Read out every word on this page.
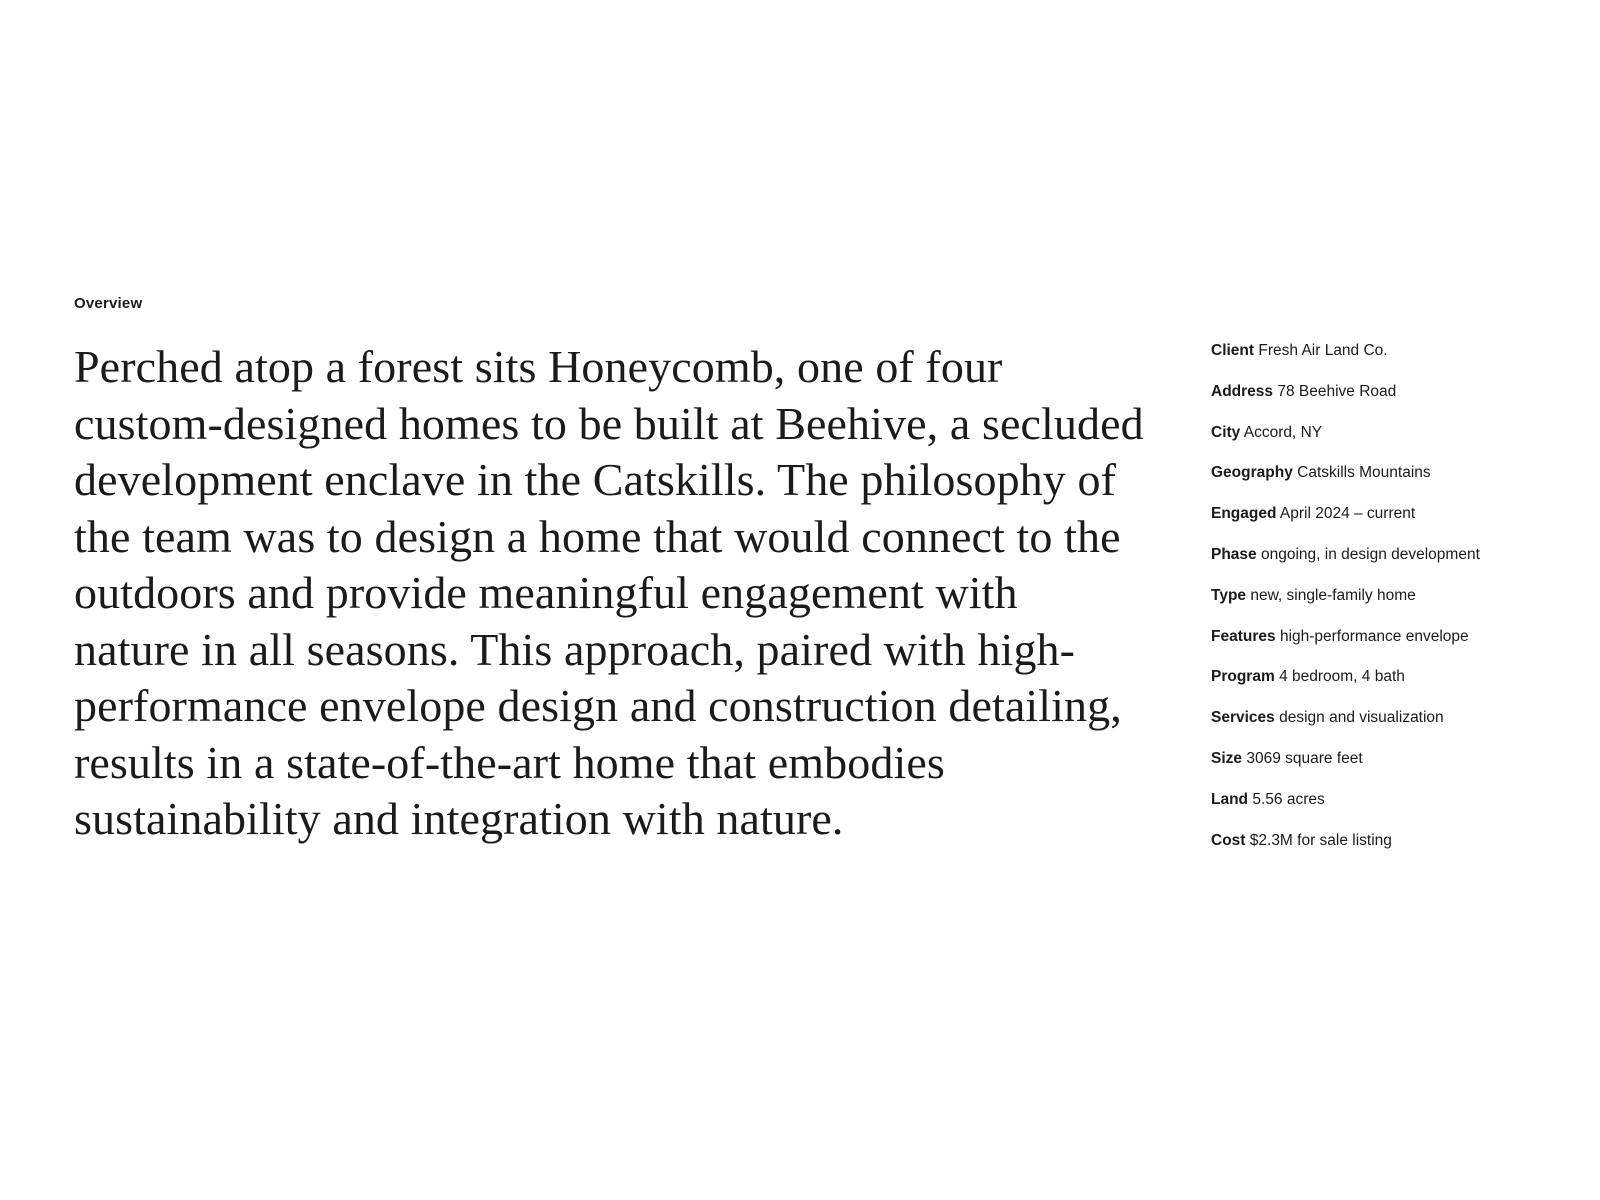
Overview

Perched atop a forest sits Honeycomb, one of four custom-designed homes to be built at Beehive, a secluded development enclave in the Catskills. The philosophy of the team was to design a home that would connect to the outdoors and provide meaningful engagement with nature in all seasons. This approach, paired with high-performance envelope design and construction detailing, results in a state-of-the-art home that embodies sustainability and integration with nature.

Client Fresh Air Land Co.
Address 78 Beehive Road
City Accord, NY
Geography Catskills Mountains
Engaged April 2024 – current
Phase ongoing, in design development
Type new, single-family home
Features high-performance envelope
Program 4 bedroom, 4 bath
Services design and visualization
Size 3069 square feet
Land 5.56 acres
Cost $2.3M for sale listing
